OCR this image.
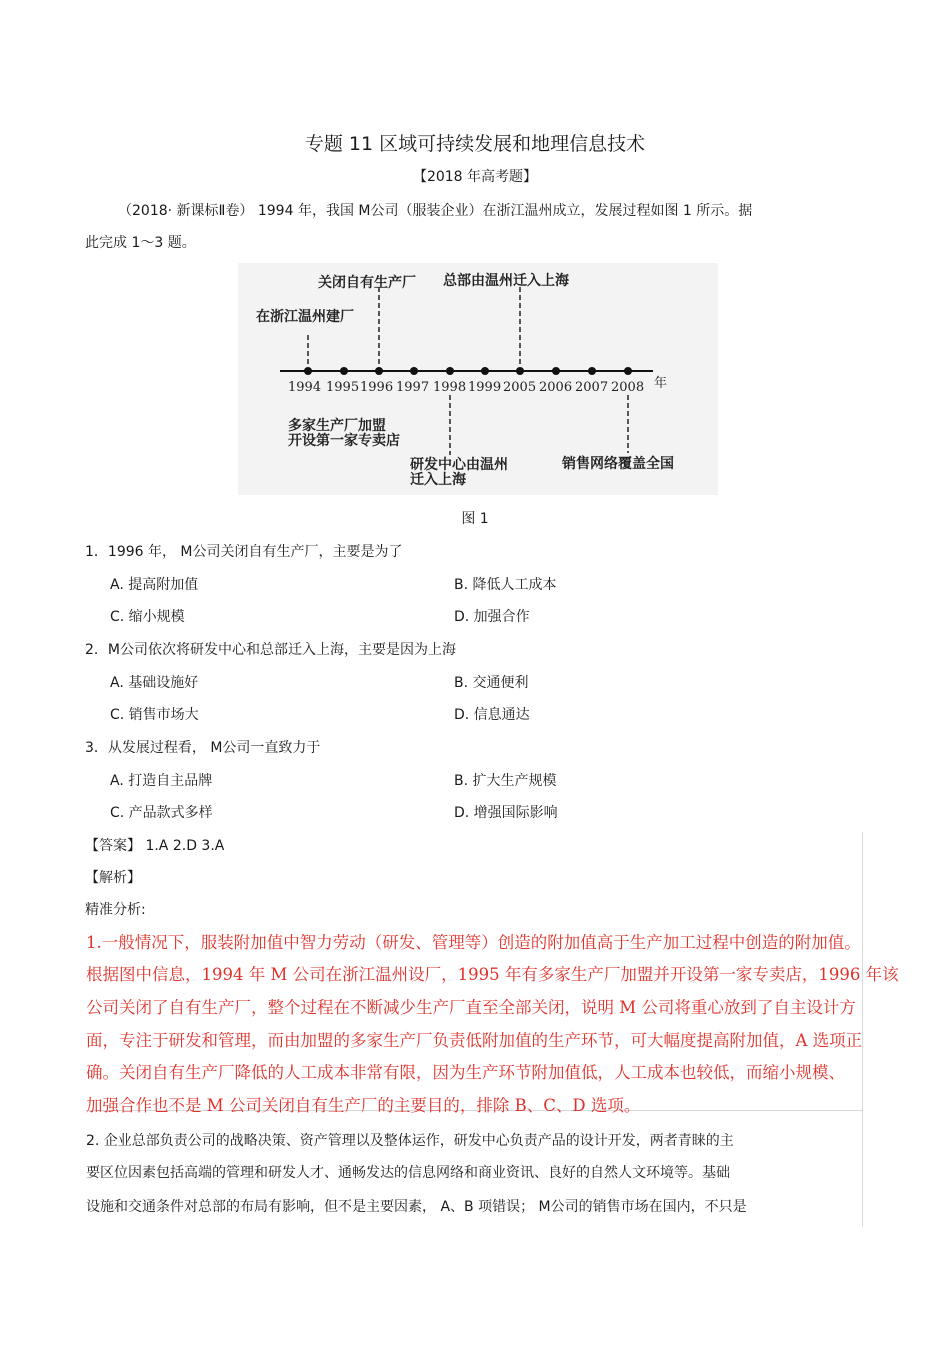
专题 11 区域可持续发展和地理信息技术
【2018 年高考题】
（2018· 新课标Ⅱ卷） 1994 年，我国 M公司（服装企业）在浙江温州成立，发展过程如图 1 所示。据
此完成 1～3 题。
1994 1995 1996 1997 1998 1999 2005 2006 2007 2008 年
关闭自有生产厂 总部由温州迁入上海
在浙江温州建厂
多家生产厂加盟
开设第一家专卖店
研发中心由温州
迁入上海
销售网络覆盖全国
图 1
1．1996 年， M公司关闭自有生产厂，主要是为了
A. 提高附加值	B. 降低人工成本
C. 缩小规模	D. 加强合作
2．M公司依次将研发中心和总部迁入上海，主要是因为上海
A. 基础设施好	B. 交通便利
C. 销售市场大	D. 信息通达
3．从发展过程看， M公司一直致力于
A. 打造自主品牌	B. 扩大生产规模
C. 产品款式多样	D. 增强国际影响
【答案】 1.A 2.D 3.A
【解析】
精准分析:
1.一般情况下，服装附加值中智力劳动（研发、管理等）创造的附加值高于生产加工过程中创造的附加值。
根据图中信息，1994 年 M 公司在浙江温州设厂，1995 年有多家生产厂加盟并开设第一家专卖店，1996 年该
公司关闭了自有生产厂，整个过程在不断减少生产厂直至全部关闭，说明 M 公司将重心放到了自主设计方
面，专注于研发和管理，而由加盟的多家生产厂负责低附加值的生产环节，可大幅度提高附加值，A 选项正
确。关闭自有生产厂降低的人工成本非常有限，因为生产环节附加值低，人工成本也较低，而缩小规模、
加强合作也不是 M 公司关闭自有生产厂的主要目的，排除 B、C、D 选项。
2. 企业总部负责公司的战略决策、资产管理以及整体运作，研发中心负责产品的设计开发，两者青睐的主
要区位因素包括高端的管理和研发人才、通畅发达的信息网络和商业资讯、良好的自然人文环境等。基础
设施和交通条件对总部的布局有影响，但不是主要因素， A、B 项错误； M公司的销售市场在国内，不只是
